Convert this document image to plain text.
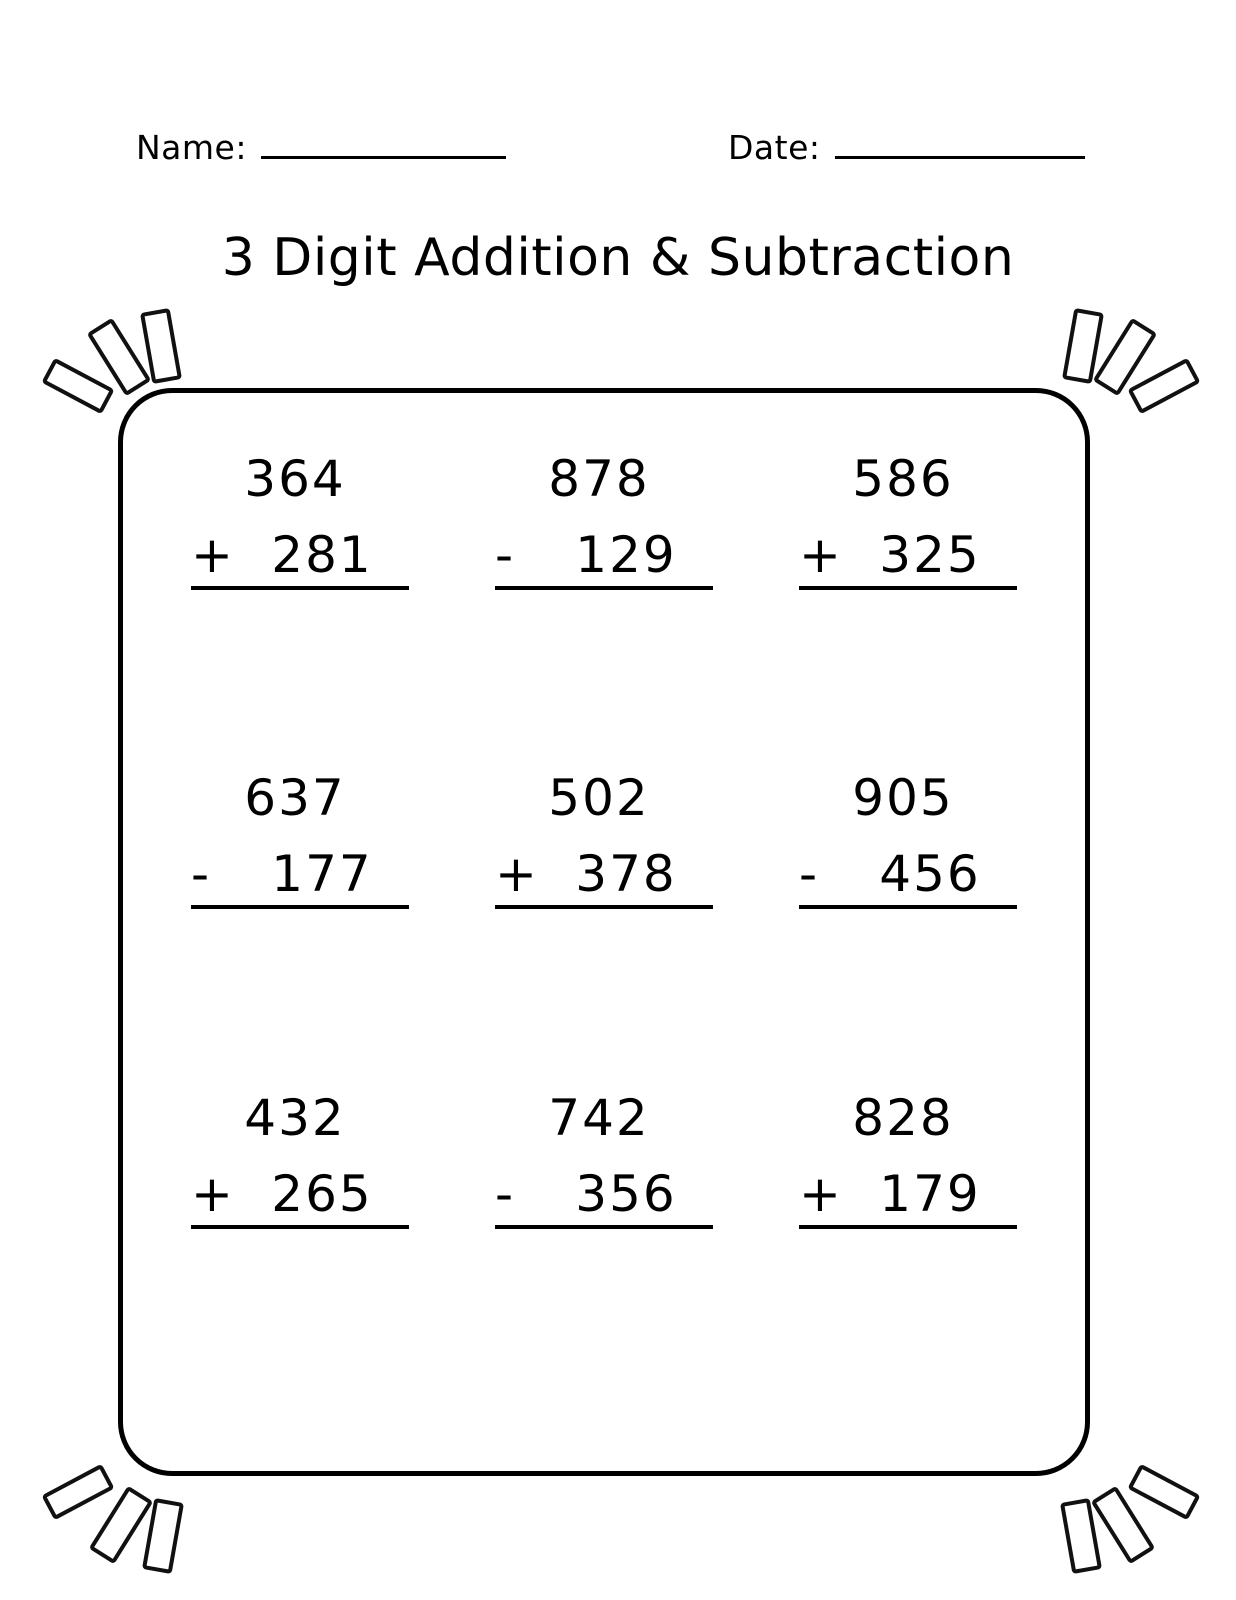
Name:	Date:
3 Digit Addition & Subtraction
364
+ 281
878
-	129
586
+ 325
637
-	177
502
+ 378
905
-	456
432
+ 265
742
-	356
828
+ 179
